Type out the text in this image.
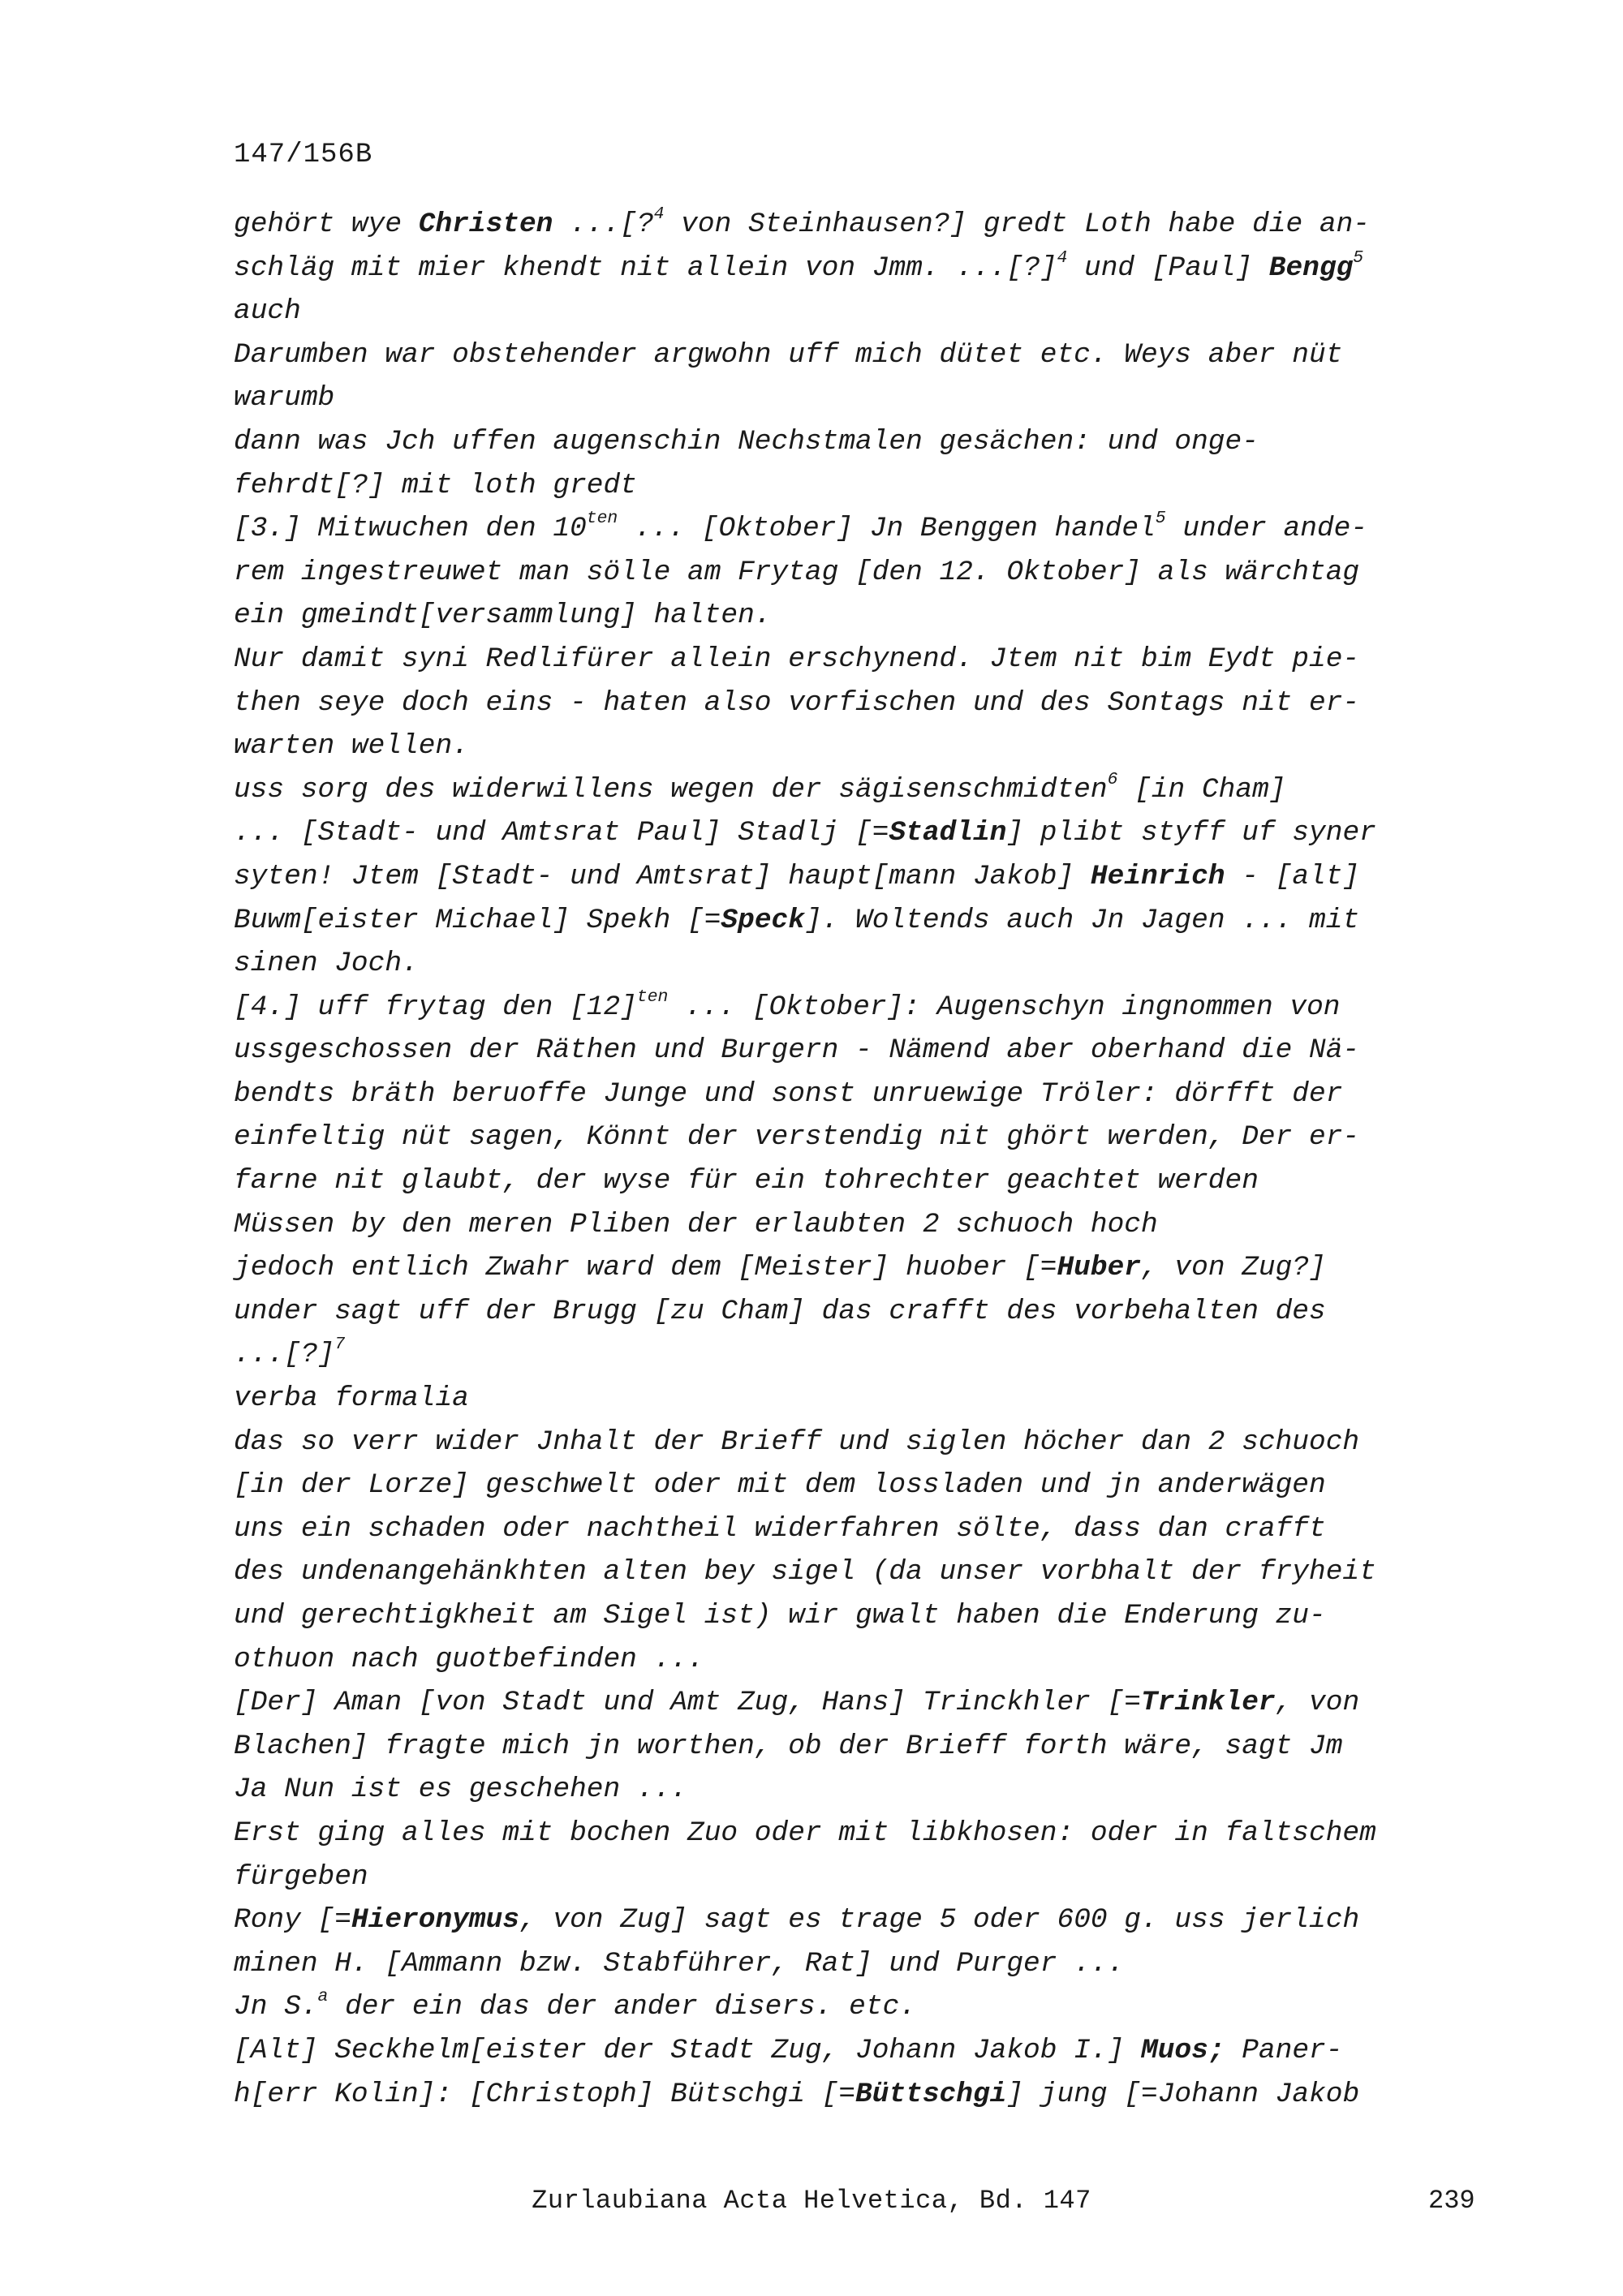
147/156B
gehört wye Christen ...[?$^4$ von Steinhausen?] gredt Loth habe die an-
schläg mit mier khendt nit allein von Jmm. ...[?]$^4$ und [Paul] Bengg$^5$
auch
Darumben war obstehender argwohn uff mich dütet etc. Weys aber nüt
warumb
dann was Jch uffen augenschin Nechstmalen gesächen: und onge-
fehrdt[?] mit loth gredt
[3.] Mitwuchen den $10^{ten}$ ... [Oktober] Jn Benggen handel$^5$ under ande-
rem ingestreuwet man sölle am Frytag [den 12. Oktober] als wärchtag
ein gmeindt[versammlung] halten.
Nur damit syni Redlifürer allein erschynend. Jtem nit bim Eydt pie-
then seye doch eins - haten also vorfischen und des Sontags nit er-
warten wellen.
uss sorg des widerwillens wegen der sägisenschmidten$^6$ [in Cham]
... [Stadt- und Amtsrat Paul] Stadlj [=Stadlin] plibt styff uf syner
syten! Jtem [Stadt- und Amtsrat] haupt[mann Jakob] Heinrich - [alt]
Buwm[eister Michael] Spekh [=Speck]. Woltends auch Jn Jagen ... mit
sinen Joch.
[4.] uff frytag den $[12]^{ten}$ ... [Oktober]: Augenschyn ingnommen von
ussgeschossen der Räthen und Burgern - Nämend aber oberhand die Nä-
bendts bräth beruoffe Junge und sonst unruewige Tröler: dörfft der
einfeltig nüt sagen, Könnt der verstendig nit ghört werden, Der er-
farne nit glaubt, der wyse für ein tohrechter geachtet werden
Müssen by den meren Pliben der erlaubten 2 schuoch hoch
jedoch entlich Zwahr ward dem [Meister] huober [=Huber, von Zug?]
under sagt uff der Brugg [zu Cham] das crafft des vorbehalten des
...[?]$^7$
verba formalia
das so verr wider Jnhalt der Brieff und siglen höcher dan 2 schuoch
[in der Lorze] geschwelt oder mit dem lossladen und jn anderwägen
uns ein schaden oder nachtheil widerfahren sölte, dass dan crafft
des undenangehänkhten alten bey sigel (da unser vorbhalt der fryheit
und gerechtigkheit am Sigel ist) wir gwalt haben die Enderung zu-
othuon nach guotbefinden ...
[Der] Aman [von Stadt und Amt Zug, Hans] Trinckhler [=Trinkler, von
Blachen] fragte mich jn worthen, ob der Brieff forth wäre, sagt Jm
Ja Nun ist es geschehen ...
Erst ging alles mit bochen Zuo oder mit libkhosen: oder in faltschem
fürgeben
Rony [=Hieronymus, von Zug] sagt es trage 5 oder 600 g. uss jerlich
minen H. [Ammann bzw. Stabführer, Rat] und Purger ...
Jn S.$^a$ der ein das der ander disers. etc.
[Alt] Seckhelm[eister der Stadt Zug, Johann Jakob I.] Muos; Paner-
h[err Kolin]: [Christoph] Bütschgi [=Büttschgi] jung [=Johann Jakob
Zurlaubiana Acta Helvetica, Bd. 147	239
